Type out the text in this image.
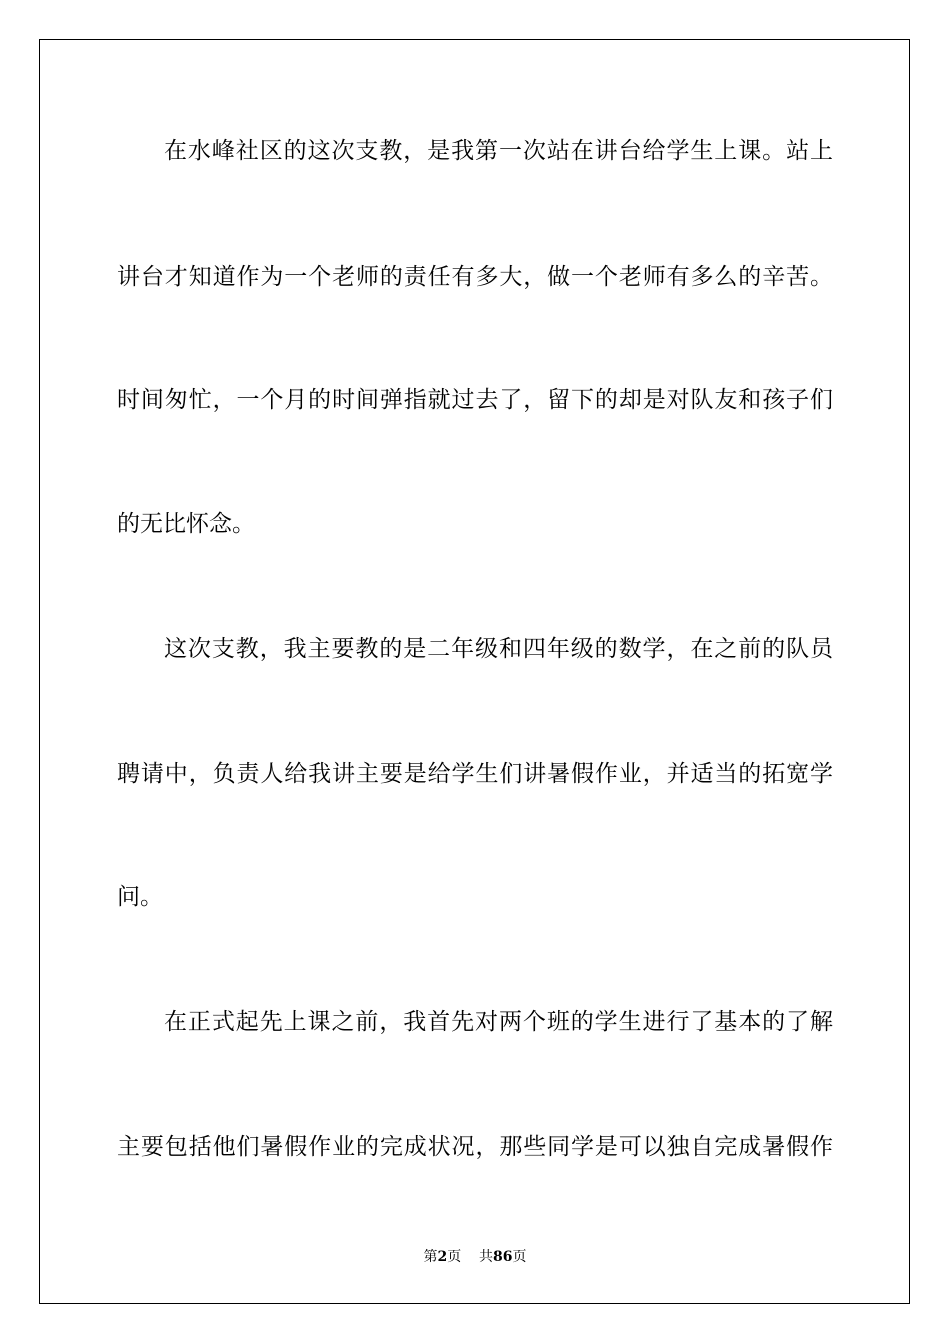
在水峰社区的这次支教，是我第一次站在讲台给学生上课。站上
讲台才知道作为一个老师的责任有多大，做一个老师有多么的辛苦。
时间匆忙，一个月的时间弹指就过去了，留下的却是对队友和孩子们
的无比怀念。
这次支教，我主要教的是二年级和四年级的数学，在之前的队员
聘请中，负责人给我讲主要是给学生们讲暑假作业，并适当的拓宽学
问。
在正式起先上课之前，我首先对两个班的学生进行了基本的了解
主要包括他们暑假作业的完成状况，那些同学是可以独自完成暑假作
第2页 共86页
